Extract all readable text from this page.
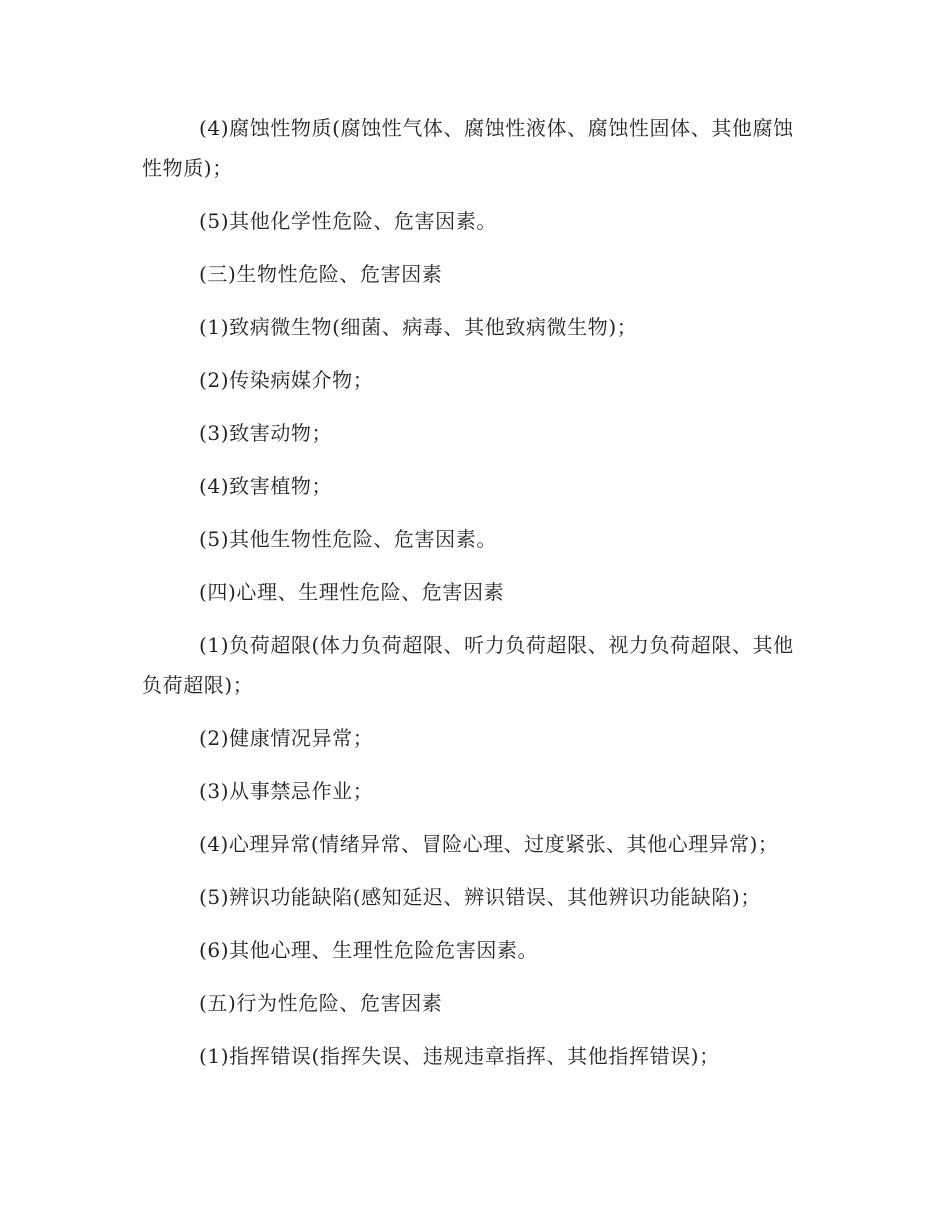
(4)腐蚀性物质(腐蚀性气体、腐蚀性液体、腐蚀性固体、其他腐蚀性物质)；

(5)其他化学性危险、危害因素。

(三)生物性危险、危害因素

(1)致病微生物(细菌、病毒、其他致病微生物)；

(2)传染病媒介物；

(3)致害动物；

(4)致害植物；

(5)其他生物性危险、危害因素。

(四)心理、生理性危险、危害因素

(1)负荷超限(体力负荷超限、听力负荷超限、视力负荷超限、其他负荷超限)；

(2)健康情况异常；

(3)从事禁忌作业；

(4)心理异常(情绪异常、冒险心理、过度紧张、其他心理异常)；

(5)辨识功能缺陷(感知延迟、辨识错误、其他辨识功能缺陷)；

(6)其他心理、生理性危险危害因素。

(五)行为性危险、危害因素

(1)指挥错误(指挥失误、违规违章指挥、其他指挥错误)；
